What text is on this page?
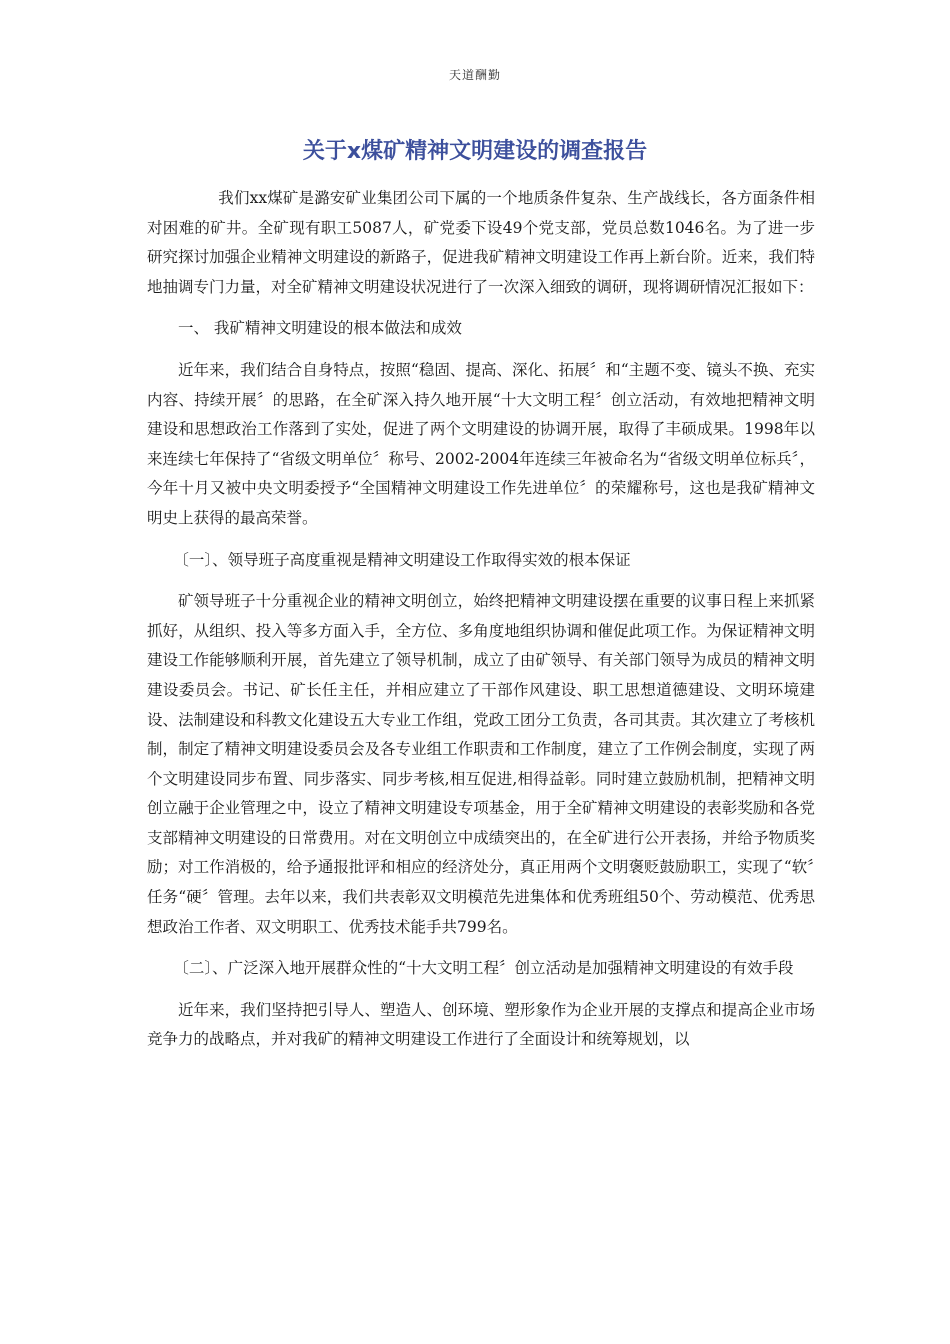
天道酬勤
关于x煤矿精神文明建设的调查报告

我们xx煤矿是潞安矿业集团公司下属的一个地质条件复杂、生产战线长，各方面条件相对困难的矿井。全矿现有职工5087人，矿党委下设49个党支部，党员总数1046名。为了进一步研究探讨加强企业精神文明建设的新路子，促进我矿精神文明建设工作再上新台阶。近来，我们特地抽调专门力量，对全矿精神文明建设状况进行了一次深入细致的调研，现将调研情况汇报如下：

一、 我矿精神文明建设的根本做法和成效

近年来，我们结合自身特点，按照“稳固、提高、深化、拓展〞和“主题不变、镜头不换、充实内容、持续开展〞的思路，在全矿深入持久地开展“十大文明工程〞创立活动，有效地把精神文明建设和思想政治工作落到了实处，促进了两个文明建设的协调开展，取得了丰硕成果。1998年以来连续七年保持了“省级文明单位〞称号、2002-2004年连续三年被命名为“省级文明单位标兵〞，今年十月又被中央文明委授予“全国精神文明建设工作先进单位〞的荣耀称号，这也是我矿精神文明史上获得的最高荣誉。

〔一〕、领导班子高度重视是精神文明建设工作取得实效的根本保证

矿领导班子十分重视企业的精神文明创立，始终把精神文明建设摆在重要的议事日程上来抓紧抓好，从组织、投入等多方面入手，全方位、多角度地组织协调和催促此项工作。为保证精神文明建设工作能够顺利开展，首先建立了领导机制，成立了由矿领导、有关部门领导为成员的精神文明建设委员会。书记、矿长任主任，并相应建立了干部作风建设、职工思想道德建设、文明环境建设、法制建设和科教文化建设五大专业工作组，党政工团分工负责，各司其责。其次建立了考核机制，制定了精神文明建设委员会及各专业组工作职责和工作制度，建立了工作例会制度，实现了两个文明建设同步布置、同步落实、同步考核,相互促进,相得益彰。同时建立鼓励机制，把精神文明创立融于企业管理之中，设立了精神文明建设专项基金，用于全矿精神文明建设的表彰奖励和各党支部精神文明建设的日常费用。对在文明创立中成绩突出的，在全矿进行公开表扬，并给予物质奖励；对工作消极的，给予通报批评和相应的经济处分，真正用两个文明褒贬鼓励职工，实现了“软〞任务“硬〞管理。去年以来，我们共表彰双文明模范先进集体和优秀班组50个、劳动模范、优秀思想政治工作者、双文明职工、优秀技术能手共799名。

〔二〕、广泛深入地开展群众性的“十大文明工程〞创立活动是加强精神文明建设的有效手段

近年来，我们坚持把引导人、塑造人、创环境、塑形象作为企业开展的支撑点和提高企业市场竞争力的战略点，并对我矿的精神文明建设工作进行了全面设计和统筹规划，以
